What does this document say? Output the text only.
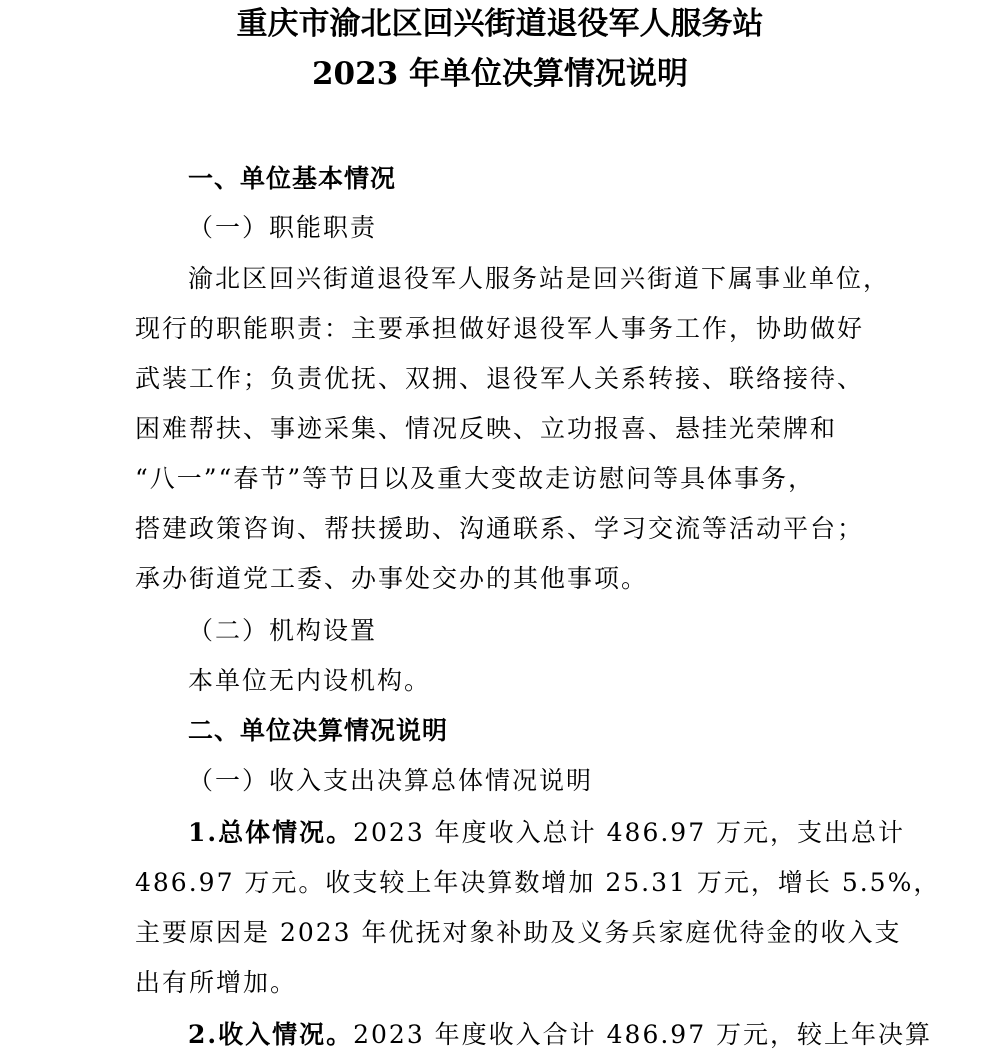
重庆市渝北区回兴街道退役军人服务站
2023 年单位决算情况说明
一、单位基本情况
（一）职能职责
渝北区回兴街道退役军人服务站是回兴街道下属事业单位，
现行的职能职责：主要承担做好退役军人事务工作，协助做好
武装工作；负责优抚、双拥、退役军人关系转接、联络接待、
困难帮扶、事迹采集、情况反映、立功报喜、悬挂光荣牌和
“八一”“春节”等节日以及重大变故走访慰问等具体事务，
搭建政策咨询、帮扶援助、沟通联系、学习交流等活动平台；
承办街道党工委、办事处交办的其他事项。
（二）机构设置
本单位无内设机构。
二、单位决算情况说明
（一）收入支出决算总体情况说明
1.总体情况。2023 年度收入总计 486.97 万元，支出总计
486.97 万元。收支较上年决算数增加 25.31 万元，增长 5.5%，
主要原因是 2023 年优抚对象补助及义务兵家庭优待金的收入支
出有所增加。
2.收入情况。2023 年度收入合计 486.97 万元，较上年决算
